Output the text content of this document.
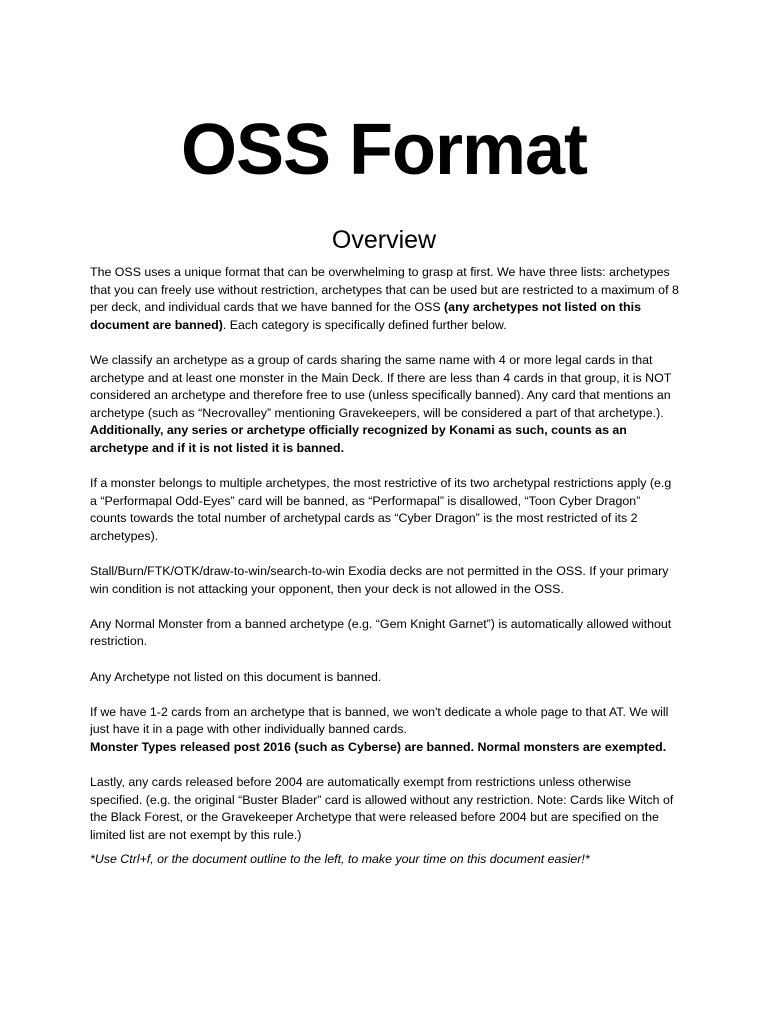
OSS Format
Overview

The OSS uses a unique format that can be overwhelming to grasp at first. We have three lists: archetypes that you can freely use without restriction, archetypes that can be used but are restricted to a maximum of 8 per deck, and individual cards that we have banned for the OSS (any archetypes not listed on this document are banned). Each category is specifically defined further below.

We classify an archetype as a group of cards sharing the same name with 4 or more legal cards in that archetype and at least one monster in the Main Deck. If there are less than 4 cards in that group, it is NOT considered an archetype and therefore free to use (unless specifically banned). Any card that mentions an archetype (such as “Necrovalley” mentioning Gravekeepers, will be considered a part of that archetype.). Additionally, any series or archetype officially recognized by Konami as such, counts as an archetype and if it is not listed it is banned.

If a monster belongs to multiple archetypes, the most restrictive of its two archetypal restrictions apply (e.g a “Performapal Odd-Eyes” card will be banned, as “Performapal” is disallowed, “Toon Cyber Dragon” counts towards the total number of archetypal cards as “Cyber Dragon” is the most restricted of its 2 archetypes).

Stall/Burn/FTK/OTK/draw-to-win/search-to-win Exodia decks are not permitted in the OSS. If your primary win condition is not attacking your opponent, then your deck is not allowed in the OSS.

Any Normal Monster from a banned archetype (e.g. “Gem Knight Garnet”) is automatically allowed without restriction.

Any Archetype not listed on this document is banned.

If we have 1-2 cards from an archetype that is banned, we won't dedicate a whole page to that AT. We will just have it in a page with other individually banned cards.

Monster Types released post 2016 (such as Cyberse) are banned. Normal monsters are exempted.

Lastly, any cards released before 2004 are automatically exempt from restrictions unless otherwise specified. (e.g. the original “Buster Blader” card is allowed without any restriction. Note: Cards like Witch of the Black Forest, or the Gravekeeper Archetype that were released before 2004 but are specified on the limited list are not exempt by this rule.)

*Use Ctrl+f, or the document outline to the left, to make your time on this document easier!*
